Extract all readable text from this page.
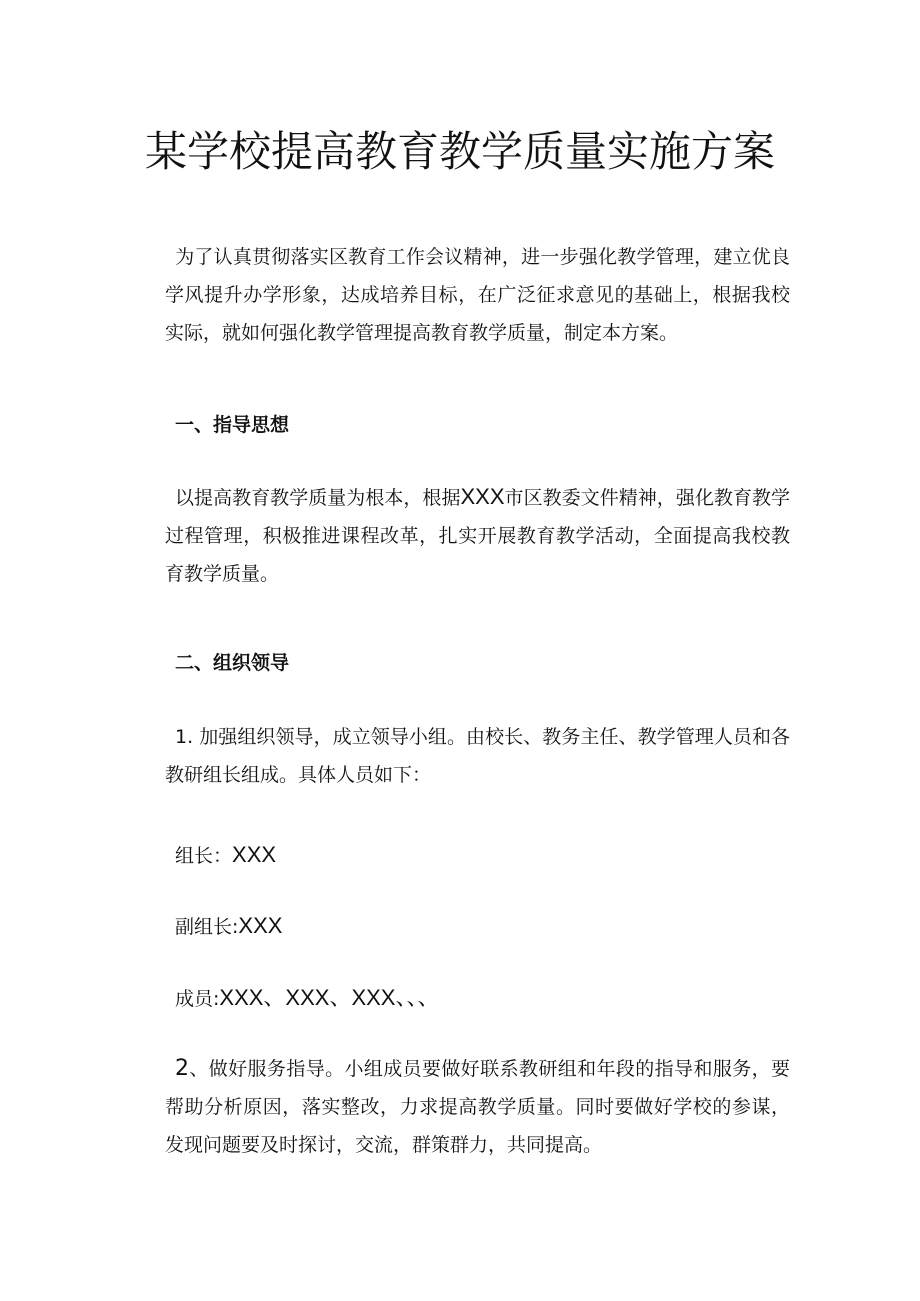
某学校提高教育教学质量实施方案
为了认真贯彻落实区教育工作会议精神，进一步强化教学管理，建立优良学风提升办学形象，达成培养目标，在广泛征求意见的基础上，根据我校实际，就如何强化教学管理提高教育教学质量，制定本方案。
一、指导思想
以提高教育教学质量为根本，根据XXX市区教委文件精神，强化教育教学过程管理，积极推进课程改革，扎实开展教育教学活动，全面提高我校教育教学质量。
二、组织领导
1. 加强组织领导，成立领导小组。由校长、教务主任、教学管理人员和各教研组长组成。具体人员如下：
组长：XXX
副组长:XXX
成员:XXX、XXX、XXX、、、
2、做好服务指导。小组成员要做好联系教研组和年段的指导和服务，要帮助分析原因，落实整改，力求提高教学质量。同时要做好学校的参谋，发现问题要及时探讨，交流，群策群力，共同提高。
